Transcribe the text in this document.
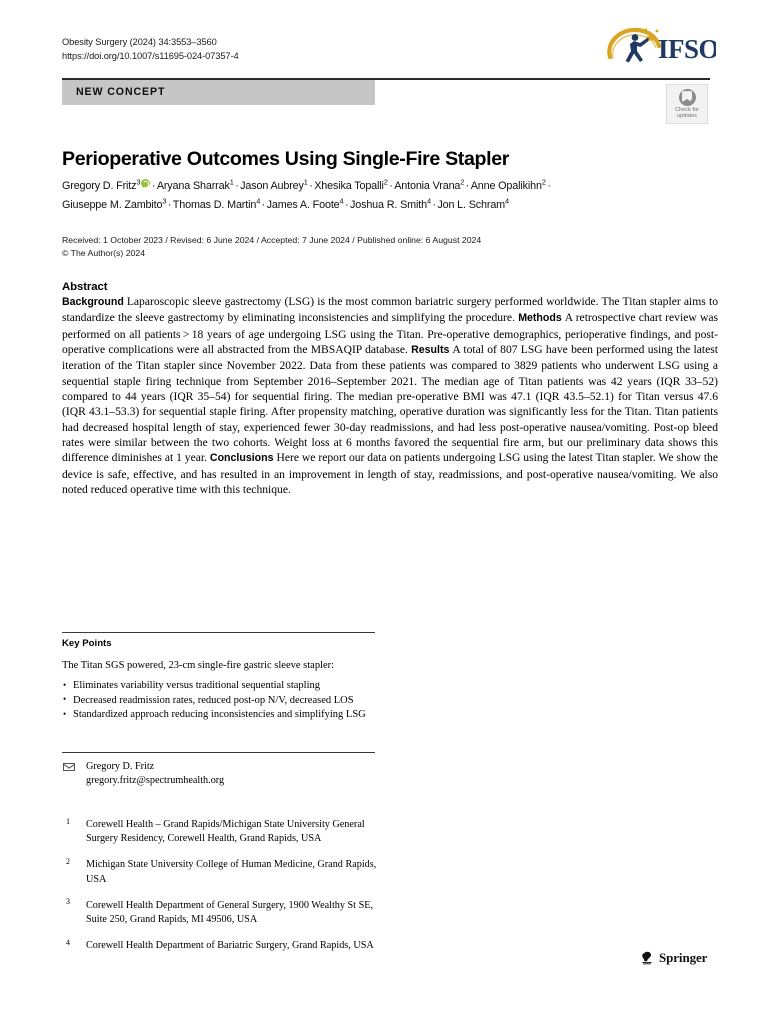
Obesity Surgery (2024) 34:3553–3560
https://doi.org/10.1007/s11695-024-07357-4	IFSO
Check for
updates
NEW CONCEPT
Perioperative Outcomes Using Single-Fire Stapler
Gregory D. Fritz$^3$ · Aryana Sharrak$^1$ · Jason Aubrey$^1$ · Xhesika Topalli$^2$ · Antonia Vrana$^2$ · Anne Opalikihn$^2$ ·
Giuseppe M. Zambito$^3$ · Thomas D. Martin$^4$ · James A. Foote$^4$ · Joshua R. Smith$^4$ · Jon L. Schram$^4$
Received: 1 October 2023 / Revised: 6 June 2024 / Accepted: 7 June 2024 / Published online: 6 August 2024
© The Author(s) 2024
Abstract

Background Laparoscopic sleeve gastrectomy (LSG) is the most common bariatric surgery performed worldwide. The Titan stapler aims to standardize the sleeve gastrectomy by eliminating inconsistencies and simplifying the procedure. Methods A retrospective chart review was performed on all patients > 18 years of age undergoing LSG using the Titan. Pre-operative demographics, perioperative findings, and post-operative complications were all abstracted from the MBSAQIP database. Results A total of 807 LSG have been performed using the latest iteration of the Titan stapler since November 2022. Data from these patients was compared to 3829 patients who underwent LSG using a sequential staple firing technique from September 2016–September 2021. The median age of Titan patients was 42 years (IQR 33–52) compared to 44 years (IQR 35–54) for sequential firing. The median pre-operative BMI was 47.1 (IQR 43.5–52.1) for Titan versus 47.6 (IQR 43.1–53.3) for sequential staple firing. After propensity matching, operative duration was significantly less for the Titan. Titan patients had decreased hospital length of stay, experienced fewer 30-day readmissions, and had less post-operative nausea/vomiting. Post-op bleed rates were similar between the two cohorts. Weight loss at 6 months favored the sequential fire arm, but our preliminary data shows this difference diminishes at 1 year. Conclusions Here we report our data on patients undergoing LSG using the latest Titan stapler. We show the device is safe, effective, and has resulted in an improvement in length of stay, readmissions, and post-operative nausea/vomiting. We also noted reduced operative time with this technique.

Key Points

The Titan SGS powered, 23-cm single-fire gastric sleeve stapler:

• Eliminates variability versus traditional sequential stapling
• Decreased readmission rates, reduced post-op N/V, decreased LOS
• Standardized approach reducing inconsistencies and simplifying LSG
Gregory D. Fritz
gregory.fritz@spectrumhealth.org
1 Corewell Health – Grand Rapids/Michigan State University General Surgery Residency, Corewell Health, Grand Rapids, USA
2 Michigan State University College of Human Medicine, Grand Rapids, USA
3 Corewell Health Department of General Surgery, 1900 Wealthy St SE, Suite 250, Grand Rapids, MI 49506, USA
4 Corewell Health Department of Bariatric Surgery, Grand Rapids, USA
Springer
